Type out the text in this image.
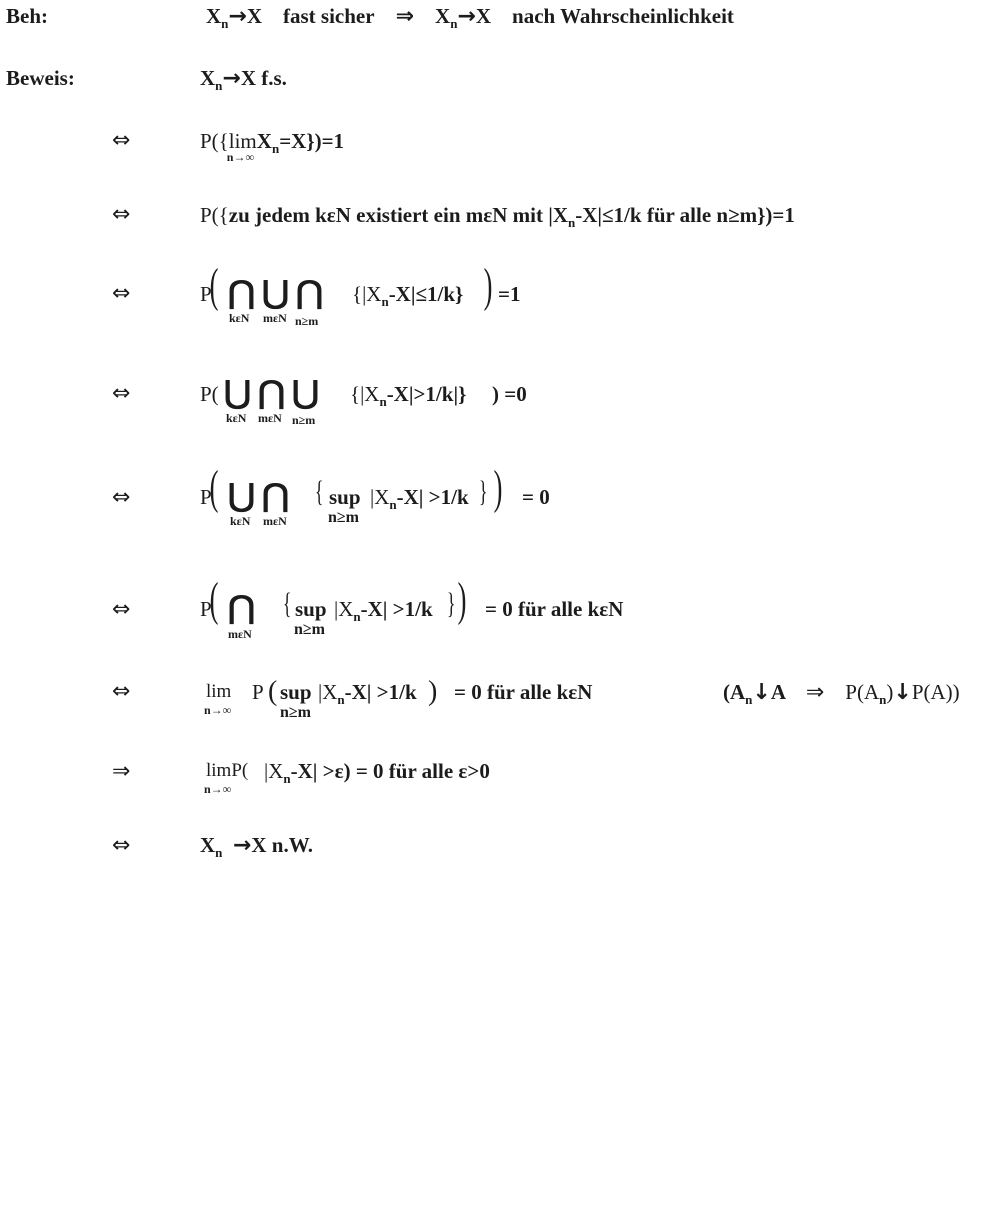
Beh:	$X_n\to X$ fast sicher ⇒ $X_n\to X$ nach Wahrscheinlichkeit
Beweis:	$X_n\to X$ f.s.
⇔	P({lim
n→∞
$X_n=X\})=1$
⇔	P({zu jedem kεN existiert ein mεN mit $|X_n-X|\le 1/k$ für alle n≥m})=1
⇔	P
( ⋂
kεN
⋃
mεN
⋂
n≥m
$\{|X_n-X|\le 1/k\}$ ) =1
⇔	P( ⋃
kεN
⋂
mεN
⋃
n≥m
$\{|X_n-X|>1/k|\}$ ) =0
⇔	P
( ⋃
kεN
⋂
mεN
{ sup
n≥m
$|X_n-X| >1/k$ } ) = 0
⇔	P
( ⋂
mεN
{ sup
n≥m
$|X_n-X| >1/k$ } ) = 0 für alle kεN
⇔	lim
n→∞
P ( sup
n≥m
$|X_n-X| >1/k$ ) = 0 für alle kεN	($A_n↓A$ ⇒ $P(A_n)↓P(A)$)
⇒	limP(
n→∞
$|X_n-X| >\varepsilon) = 0$ für alle ε>0
⇔	$X_n \to X$ n.W.
